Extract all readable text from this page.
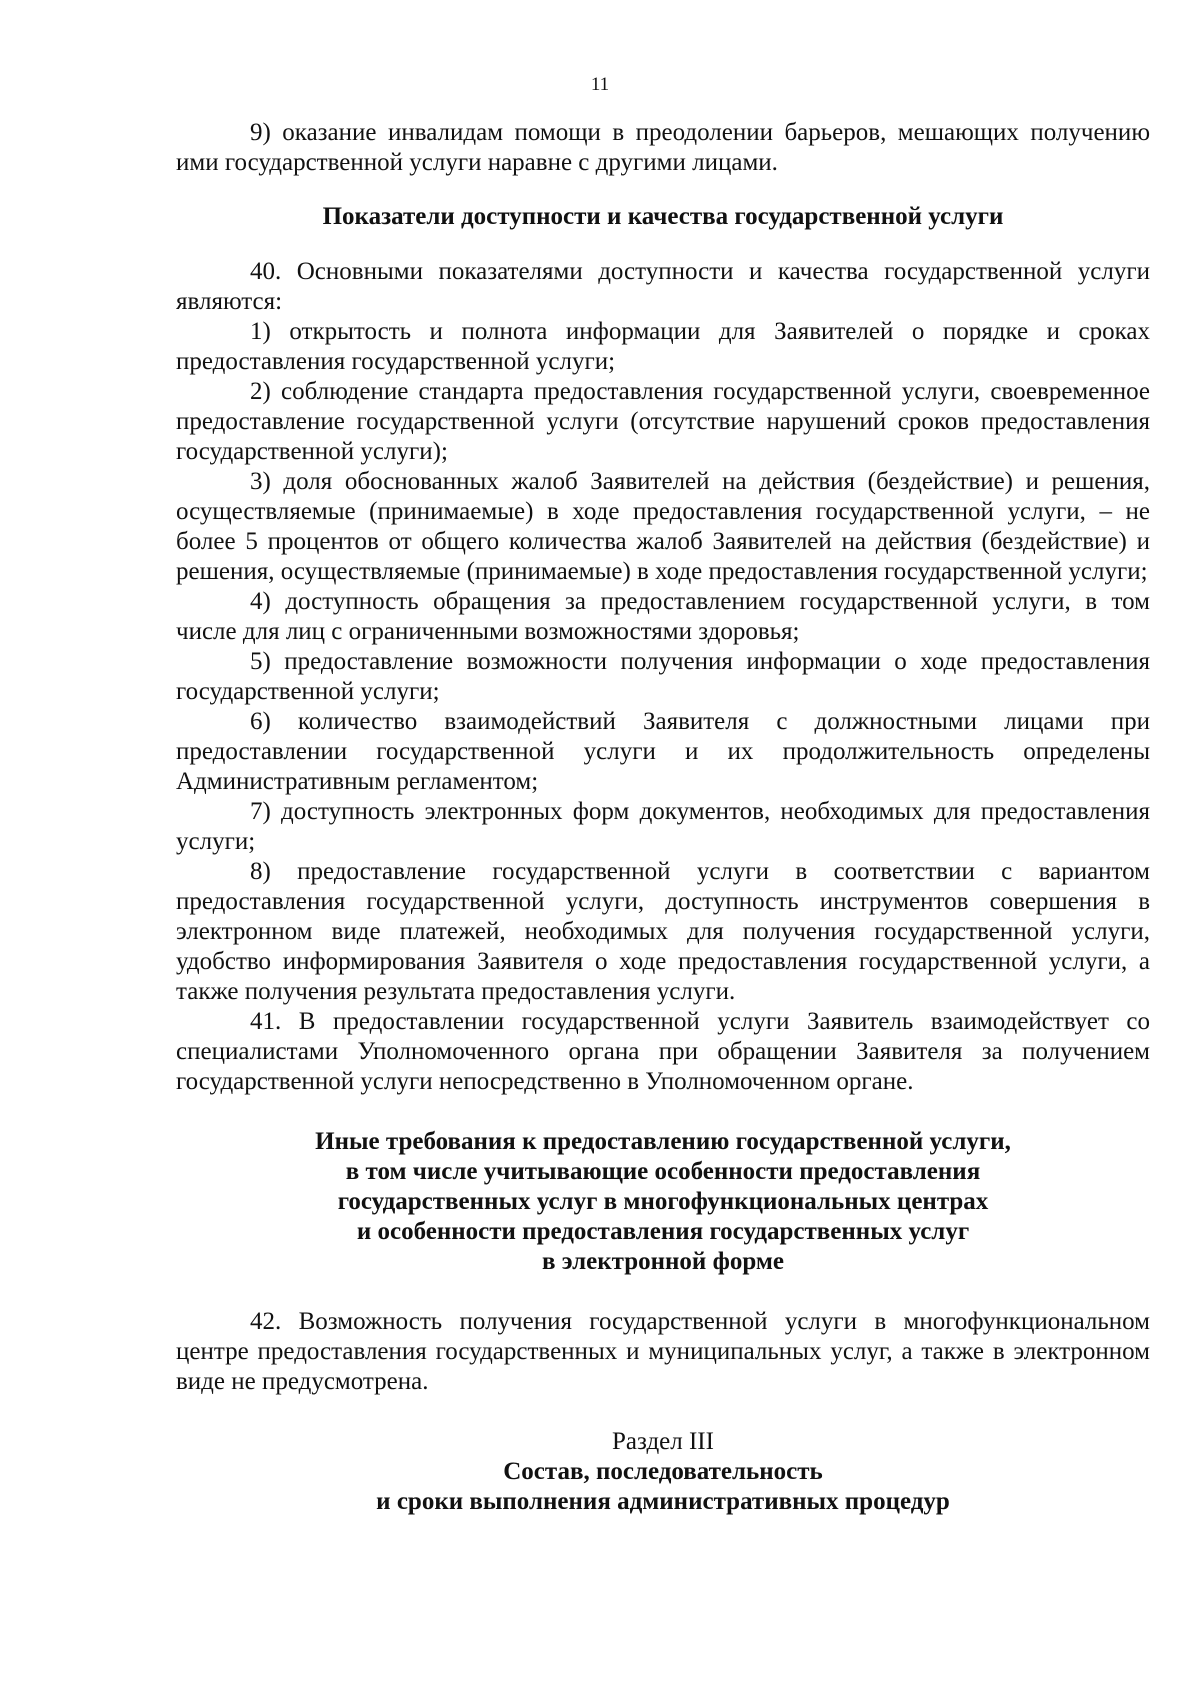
11

9) оказание инвалидам помощи в преодолении барьеров, мешающих получению ими государственной услуги наравне с другими лицами.

Показатели доступности и качества государственной услуги

40. Основными показателями доступности и качества государственной услуги являются:

1) открытость и полнота информации для Заявителей о порядке и сроках предоставления государственной услуги;

2) соблюдение стандарта предоставления государственной услуги, своевременное предоставление государственной услуги (отсутствие нарушений сроков предоставления государственной услуги);

3) доля обоснованных жалоб Заявителей на действия (бездействие) и решения, осуществляемые (принимаемые) в ходе предоставления государственной услуги, – не более 5 процентов от общего количества жалоб Заявителей на действия (бездействие) и решения, осуществляемые (принимаемые) в ходе предоставления государственной услуги;

4) доступность обращения за предоставлением государственной услуги, в том числе для лиц с ограниченными возможностями здоровья;

5) предоставление возможности получения информации о ходе предоставления государственной услуги;

6) количество взаимодействий Заявителя с должностными лицами при предоставлении государственной услуги и их продолжительность определены Административным регламентом;

7) доступность электронных форм документов, необходимых для предоставления услуги;

8) предоставление государственной услуги в соответствии с вариантом предоставления государственной услуги, доступность инструментов совершения в электронном виде платежей, необходимых для получения государственной услуги, удобство информирования Заявителя о ходе предоставления государственной услуги, а также получения результата предоставления услуги.

41. В предоставлении государственной услуги Заявитель взаимодействует со специалистами Уполномоченного органа при обращении Заявителя за получением государственной услуги непосредственно в Уполномоченном органе.

Иные требования к предоставлению государственной услуги,

в том числе учитывающие особенности предоставления

государственных услуг в многофункциональных центрах

и особенности предоставления государственных услуг

в электронной форме

42. Возможность получения государственной услуги в многофункциональном центре предоставления государственных и муниципальных услуг, а также в электронном виде не предусмотрена.

Раздел III

Состав, последовательность

и сроки выполнения административных процедур
